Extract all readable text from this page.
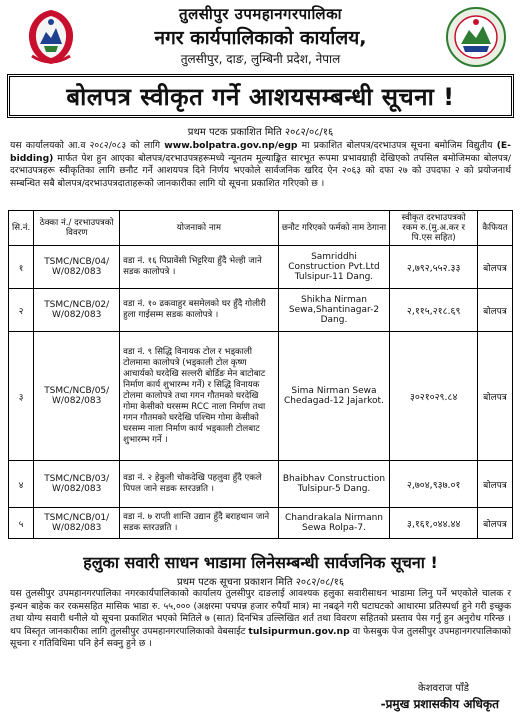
तुलसीपुर उपमहानगरपालिका
नगर कार्यपालिकाको कार्यालय,
तुलसीपुर, दाङ, लुम्बिनी प्रदेश, नेपाल
बोलपत्र स्वीकृत गर्ने आशयसम्बन्धी सूचना !
प्रथम पटक प्रकाशित मिति २०८२/०८/१६
यस कार्यालयको आ.व २०८२/०८३ को लागि www.bolpatra.gov.np/egp मा प्रकाशित बोलपत्र/दरभाउपत्र सूचना बमोजिम विद्युतीय (E-bidding) मार्फत पेश हुन आएका बोलपत्र/दरभाउपत्रहरूमध्ये न्यूनतम मूल्याङ्कित सारभूत रूपमा प्रभावग्राही देखिएको तपसिल बमोजिमका बोलपत्र/दरभाउपत्रहरू स्वीकृतिका लागि छनौट गर्ने आशयपत्र दिने निर्णय भएकोले सार्वजनिक खरिद ऐन २०६३ को दफा २७ को उपदफा २ को प्रयोजनार्थ सम्बन्धित सबै बोलपत्र/दरभाउपत्रदाताहरूको जानकारीका लागि यो सूचना प्रकाशित गरिएको छ ।
सि.नं.	ठेक्का नं./ दरभाउपत्रको विवरण	योजनाको नाम	छनौट गरिएको फर्मको नाम ठेगाना	स्वीकृत दरभाउपत्रको रकम रु.(मु.अ.कर र पि.एस सहित)	कैफियत
१	TSMC/NCB/04/ W/082/083	वडा नं. १६ पिप्रावेंसी भिट्टरिया हुँदै भेल्ही जाने सडक कालोपत्रे ।	Samriddhi Construction Pvt.Ltd Tulsipur-11 Dang.	२,७९२,५५२.३३	बोलपत्र
२	TSMC/NCB/02/ W/082/083	वडा नं. १० ढकवाहुर बसमेलको घर हुँदै गोलीरी हुला गाईसम्म सडक कालोपत्रे ।	Shikha Nirman Sewa,Shantinagar-2 Dang.	२,११५,२१८.६९	बोलपत्र
३	TSMC/NCB/05/ W/082/083	वडा नं. ९ सिद्धि विनायक टोल र भड्काली टोलमामा कालोपत्रे (भड्काली टोल कृष्ण आचार्यको घरदेखि सल्लरी बोर्डिङ मेन बाटोबाट निर्माण कार्य शुभारम्भ गर्ने) र सिद्धि विनायक टोलमा कालोपत्रे तथा गगन गौतमको घरदेखि गोमा केसीको घरसम्म RCC नाला निर्माण तथा गगन गौतमको घरदेखि पश्चिम गोमा केसीको घरसम्म नाला निर्माण कार्य भड्काली टोलबाट शुभारम्भ गर्ने ।	Sima Nirman Sewa Chedagad-12 Jajarkot.	३०२१०२९.८४	बोलपत्र
४	TSMC/NCB/03/ W/082/083	वडा नं. २ हेकुली चोकदेखि पहलुवा हुँदै एकले पिपल जाने सडक स्तरउन्नति ।	Bhaibhav Construction Tulsipur-5 Dang.	२,७०४,९३७.०१	बोलपत्र
५	TSMC/NCB/01/ W/082/083	वडा नं. ७ राप्ती शान्ति उद्यान हुँदै बराहथान जाने सडक स्तरउन्नति ।	Chandrakala Nirmann Sewa Rolpa-7.	३,१६१,०४४.४४	बोलपत्र
हलुका सवारी साधन भाडामा लिनेसम्बन्धी सार्वजनिक सूचना !
प्रथम पटक सूचना प्रकाशन मिति २०८२/०८/१६
यस तुलसीपुर उपमहानगरपालिका नगरकार्यपालिकाको कार्यालय तुलसीपुर दाङलाई आवश्यक हलुका सवारीसाधन भाडामा लिनु पर्ने भएकोले चालक र इन्धन बाहेक कर रकमसहित मासिक भाडा रु. ५५,००० (अक्षरमा पचपन्न हजार रुपैयाँ मात्र) मा नबढ्ने गरी घटाघटको आधारमा प्रतिस्पर्धा हुने गरी इच्छुक तथा योग्य सवारी धनीले यो सूचना प्रकाशित भएको मितिले ७ (सात) दिनभित्र उल्लिखित शर्त तथा विवरण सहितको प्रस्ताव पेस गर्नु हुन अनुरोध गरिन्छ । थप विस्तृत जानकारीका लागि तुलसीपुर उपमहानगरपालिकाको वेबसाईट tulsipurmun.gov.np वा फेसबुक पेज तुलसीपुर उपमहानगरपालिकाको सूचना र गतिविधिमा पनि हेर्न सक्नु हुने छ ।
केशवराज पाँडे
-प्रमुख प्रशासकीय अधिकृत
